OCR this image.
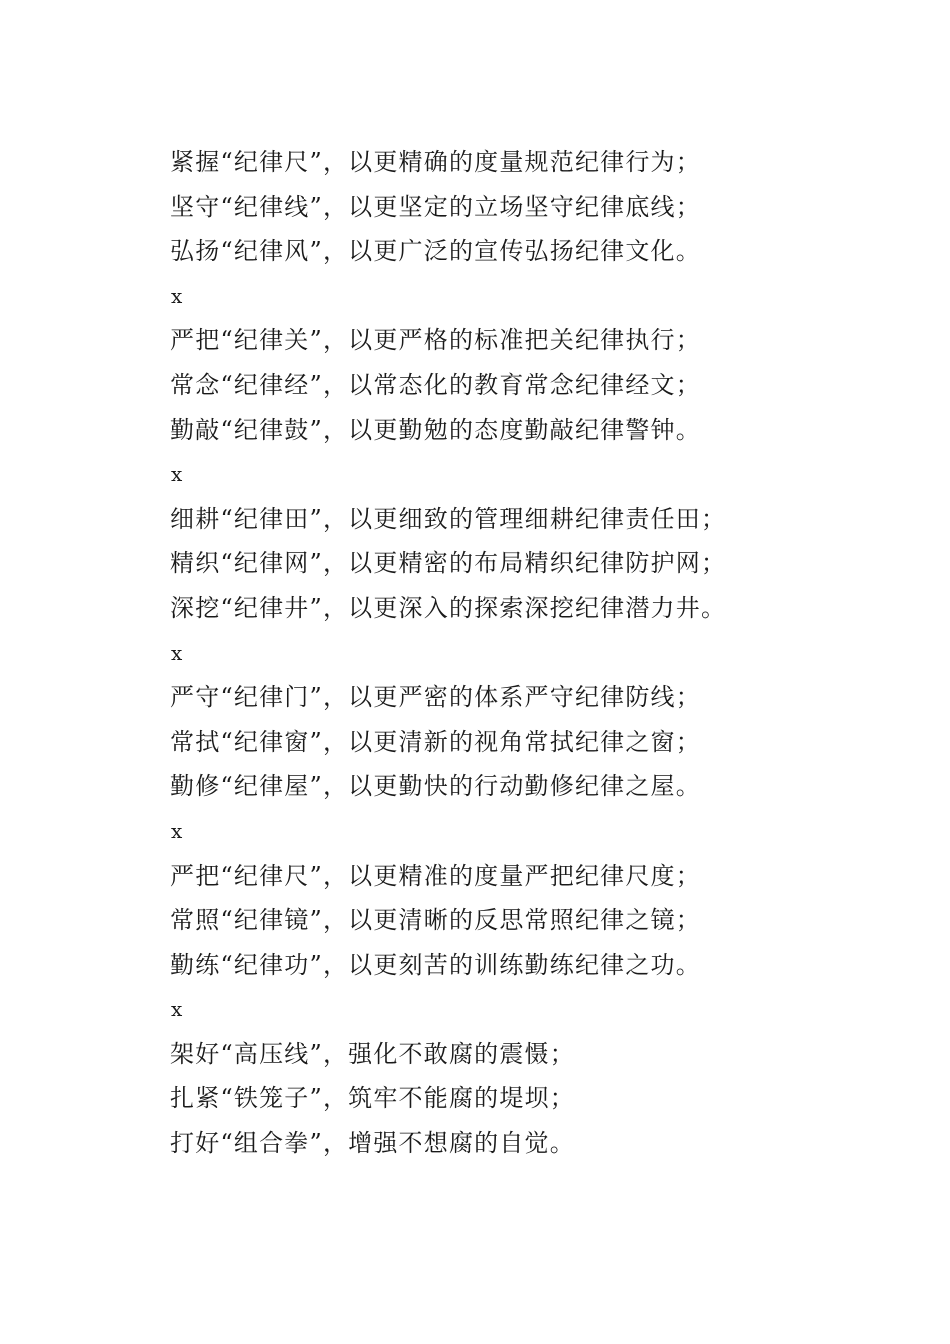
紧握“纪律尺”，以更精确的度量规范纪律行为；
坚守“纪律线”，以更坚定的立场坚守纪律底线；
弘扬“纪律风”，以更广泛的宣传弘扬纪律文化。
x
严把“纪律关”，以更严格的标准把关纪律执行；
常念“纪律经”，以常态化的教育常念纪律经文；
勤敲“纪律鼓”，以更勤勉的态度勤敲纪律警钟。
x
细耕“纪律田”，以更细致的管理细耕纪律责任田；
精织“纪律网”，以更精密的布局精织纪律防护网；
深挖“纪律井”，以更深入的探索深挖纪律潜力井。
x
严守“纪律门”，以更严密的体系严守纪律防线；
常拭“纪律窗”，以更清新的视角常拭纪律之窗；
勤修“纪律屋”，以更勤快的行动勤修纪律之屋。
x
严把“纪律尺”，以更精准的度量严把纪律尺度；
常照“纪律镜”，以更清晰的反思常照纪律之镜；
勤练“纪律功”，以更刻苦的训练勤练纪律之功。
x
架好“高压线”，强化不敢腐的震慑；
扎紧“铁笼子”，筑牢不能腐的堤坝；
打好“组合拳”，增强不想腐的自觉。
